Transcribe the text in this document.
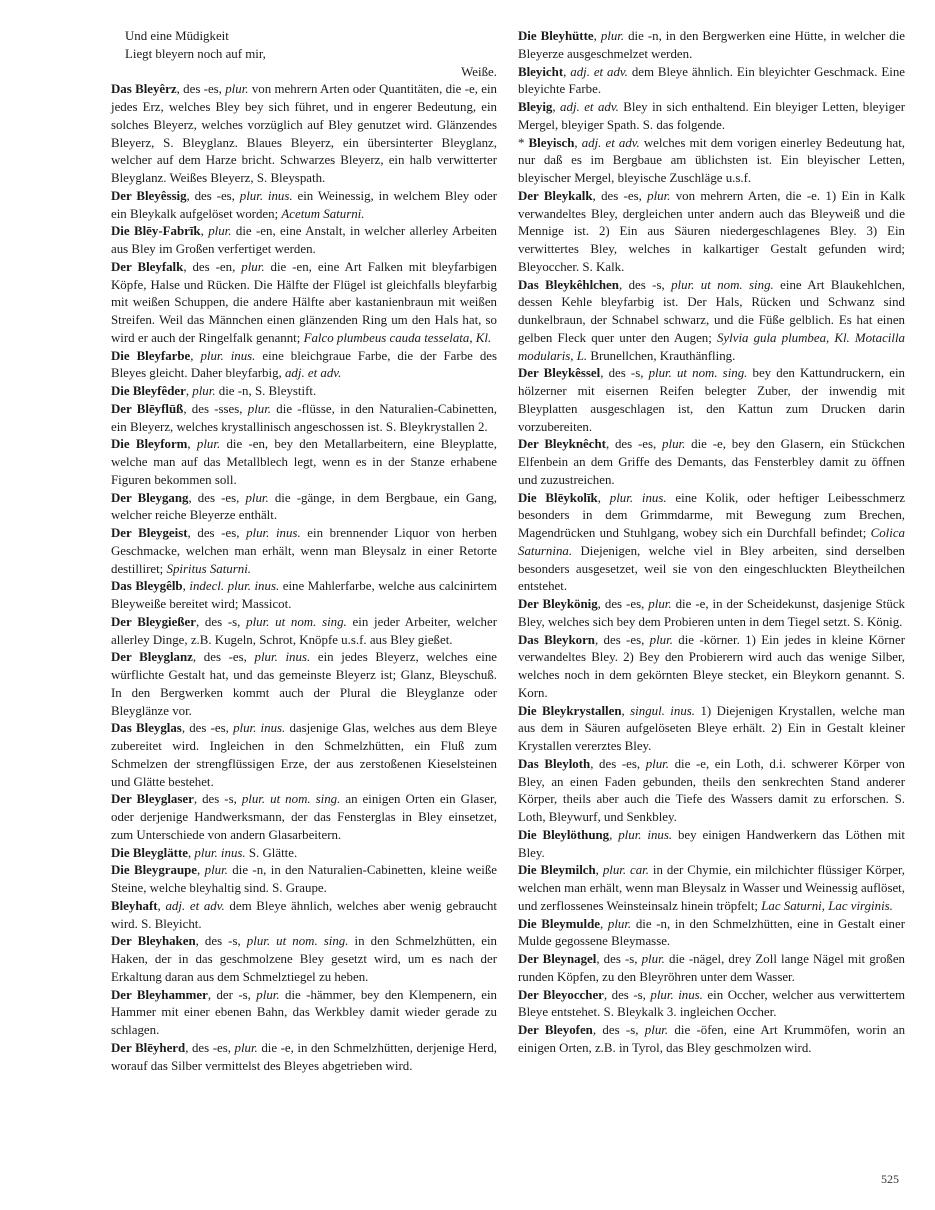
Und eine Müdigkeit

Liegt bleyern noch auf mir,

Weiße.

Das Bleyêrz, des -es, plur. von mehrern Arten oder Quantitäten, die -e, ein jedes Erz, welches Bley bey sich führet, und in engerer Bedeutung, ein solches Bleyerz, welches vorzüglich auf Bley genutzet wird. Glänzendes Bleyerz, S. Bleyglanz. Blaues Bleyerz, ein übersinterter Bleyglanz, welcher auf dem Harze bricht. Schwarzes Bleyerz, ein halb verwitterter Bleyglanz. Weißes Bleyerz, S. Bleyspath.

Der Bleyêssig, des -es, plur. inus. ein Weinessig, in welchem Bley oder ein Bleykalk aufgelöset worden; Acetum Saturni.

Die Blēy-Fabrīk, plur. die -en, eine Anstalt, in welcher allerley Arbeiten aus Bley im Großen verfertiget werden.

Der Bleyfalk, des -en, plur. die -en, eine Art Falken mit bleyfarbigen Köpfe, Halse und Rücken. Die Hälfte der Flügel ist gleichfalls bleyfarbig mit weißen Schuppen, die andere Hälfte aber kastanienbraun mit weißen Streifen. Weil das Männchen einen glänzenden Ring um den Hals hat, so wird er auch der Ringelfalk genannt; Falco plumbeus cauda tesselata, Kl.

Die Bleyfarbe, plur. inus. eine bleichgraue Farbe, die der Farbe des Bleyes gleicht. Daher bleyfarbig, adj. et adv.

Die Bleyfêder, plur. die -n, S. Bleystift.

Der Blēyflūß, des -sses, plur. die -flüsse, in den Naturalien-Cabinetten, ein Bleyerz, welches krystallinisch angeschossen ist. S. Bleykrystallen 2.

Die Bleyform, plur. die -en, bey den Metallarbeitern, eine Bleyplatte, welche man auf das Metallblech legt, wenn es in der Stanze erhabene Figuren bekommen soll.

Der Bleygang, des -es, plur. die -gänge, in dem Bergbaue, ein Gang, welcher reiche Bleyerze enthält.

Der Bleygeist, des -es, plur. inus. ein brennender Liquor von herben Geschmacke, welchen man erhält, wenn man Bleysalz in einer Retorte destilliret; Spiritus Saturni.

Das Bleygêlb, indecl. plur. inus. eine Mahlerfarbe, welche aus calcinirtem Bleyweiße bereitet wird; Massicot.

Der Bleygießer, des -s, plur. ut nom. sing. ein jeder Arbeiter, welcher allerley Dinge, z.B. Kugeln, Schrot, Knöpfe u.s.f. aus Bley gießet.

Der Bleyglanz, des -es, plur. inus. ein jedes Bleyerz, welches eine würflichte Gestalt hat, und das gemeinste Bleyerz ist; Glanz, Bleyschuß. In den Bergwerken kommt auch der Plural die Bleyglanze oder Bleyglänze vor.

Das Bleyglas, des -es, plur. inus. dasjenige Glas, welches aus dem Bleye zubereitet wird. Ingleichen in den Schmelzhütten, ein Fluß zum Schmelzen der strengflüssigen Erze, der aus zerstoßenen Kieselsteinen und Glätte bestehet.

Der Bleyglaser, des -s, plur. ut nom. sing. an einigen Orten ein Glaser, oder derjenige Handwerksmann, der das Fensterglas in Bley einsetzet, zum Unterschiede von andern Glasarbeitern.

Die Bleyglätte, plur. inus. S. Glätte.

Die Bleygraupe, plur. die -n, in den Naturalien-Cabinetten, kleine weiße Steine, welche bleyhaltig sind. S. Graupe.

Bleyhaft, adj. et adv. dem Bleye ähnlich, welches aber wenig gebraucht wird. S. Bleyicht.

Der Bleyhaken, des -s, plur. ut nom. sing. in den Schmelzhütten, ein Haken, der in das geschmolzene Bley gesetzt wird, um es nach der Erkaltung daran aus dem Schmelztiegel zu heben.

Der Bleyhammer, der -s, plur. die -hämmer, bey den Klempenern, ein Hammer mit einer ebenen Bahn, das Werkbley damit wieder gerade zu schlagen.

Der Blēyherd, des -es, plur. die -e, in den Schmelzhütten, derjenige Herd, worauf das Silber vermittelst des Bleyes abgetrieben wird.

Die Bleyhütte, plur. die -n, in den Bergwerken eine Hütte, in welcher die Bleyerze ausgeschmelzet werden.

Bleyicht, adj. et adv. dem Bleye ähnlich. Ein bleyichter Geschmack. Eine bleyichte Farbe.

Bleyig, adj. et adv. Bley in sich enthaltend. Ein bleyiger Letten, bleyiger Mergel, bleyiger Spath. S. das folgende.

* Bleyisch, adj. et adv. welches mit dem vorigen einerley Bedeutung hat, nur daß es im Bergbaue am üblichsten ist. Ein bleyischer Letten, bleyischer Mergel, bleyische Zuschläge u.s.f.

Der Bleykalk, des -es, plur. von mehrern Arten, die -e. 1) Ein in Kalk verwandeltes Bley, dergleichen unter andern auch das Bleyweiß und die Mennige ist. 2) Ein aus Säuren niedergeschlagenes Bley. 3) Ein verwittertes Bley, welches in kalkartiger Gestalt gefunden wird; Bleyoccher. S. Kalk.

Das Bleykêhlchen, des -s, plur. ut nom. sing. eine Art Blaukehlchen, dessen Kehle bleyfarbig ist. Der Hals, Rücken und Schwanz sind dunkelbraun, der Schnabel schwarz, und die Füße gelblich. Es hat einen gelben Fleck quer unter den Augen; Sylvia gula plumbea, Kl. Motacilla modularis, L. Brunellchen, Krauthänfling.

Der Bleykêssel, des -s, plur. ut nom. sing. bey den Kattundruckern, ein hölzerner mit eisernen Reifen belegter Zuber, der inwendig mit Bleyplatten ausgeschlagen ist, den Kattun zum Drucken darin vorzubereiten.

Der Bleyknêcht, des -es, plur. die -e, bey den Glasern, ein Stückchen Elfenbein an dem Griffe des Demants, das Fensterbley damit zu öffnen und zuzustreichen.

Die Blēykolīk, plur. inus. eine Kolik, oder heftiger Leibesschmerz besonders in dem Grimmdarme, mit Bewegung zum Brechen, Magendrücken und Stuhlgang, wobey sich ein Durchfall befindet; Colica Saturnina. Diejenigen, welche viel in Bley arbeiten, sind derselben besonders ausgesetzet, weil sie von den eingeschluckten Bleytheilchen entstehet.

Der Bleykönig, des -es, plur. die -e, in der Scheidekunst, dasjenige Stück Bley, welches sich bey dem Probieren unten in dem Tiegel setzt. S. König.

Das Bleykorn, des -es, plur. die -körner. 1) Ein jedes in kleine Körner verwandeltes Bley. 2) Bey den Probierern wird auch das wenige Silber, welches noch in dem gekörnten Bleye stecket, ein Bleykorn genannt. S. Korn.

Die Bleykrystallen, singul. inus. 1) Diejenigen Krystallen, welche man aus dem in Säuren aufgelöseten Bleye erhält. 2) Ein in Gestalt kleiner Krystallen vererztes Bley.

Das Bleyloth, des -es, plur. die -e, ein Loth, d.i. schwerer Körper von Bley, an einen Faden gebunden, theils den senkrechten Stand anderer Körper, theils aber auch die Tiefe des Wassers damit zu erforschen. S. Loth, Bleywurf, und Senkbley.

Die Bleylöthung, plur. inus. bey einigen Handwerkern das Löthen mit Bley.

Die Bleymilch, plur. car. in der Chymie, ein milchichter flüssiger Körper, welchen man erhält, wenn man Bleysalz in Wasser und Weinessig auflöset, und zerflossenes Weinsteinsalz hinein tröpfelt; Lac Saturni, Lac virginis.

Die Bleymulde, plur. die -n, in den Schmelzhütten, eine in Gestalt einer Mulde gegossene Bleymasse.

Der Bleynagel, des -s, plur. die -nägel, drey Zoll lange Nägel mit großen runden Köpfen, zu den Bleyröhren unter dem Wasser.

Der Bleyoccher, des -s, plur. inus. ein Occher, welcher aus verwittertem Bleye entstehet. S. Bleykalk 3. ingleichen Occher.

Der Bleyofen, des -s, plur. die -öfen, eine Art Krummöfen, worin an einigen Orten, z.B. in Tyrol, das Bley geschmolzen wird.

525
